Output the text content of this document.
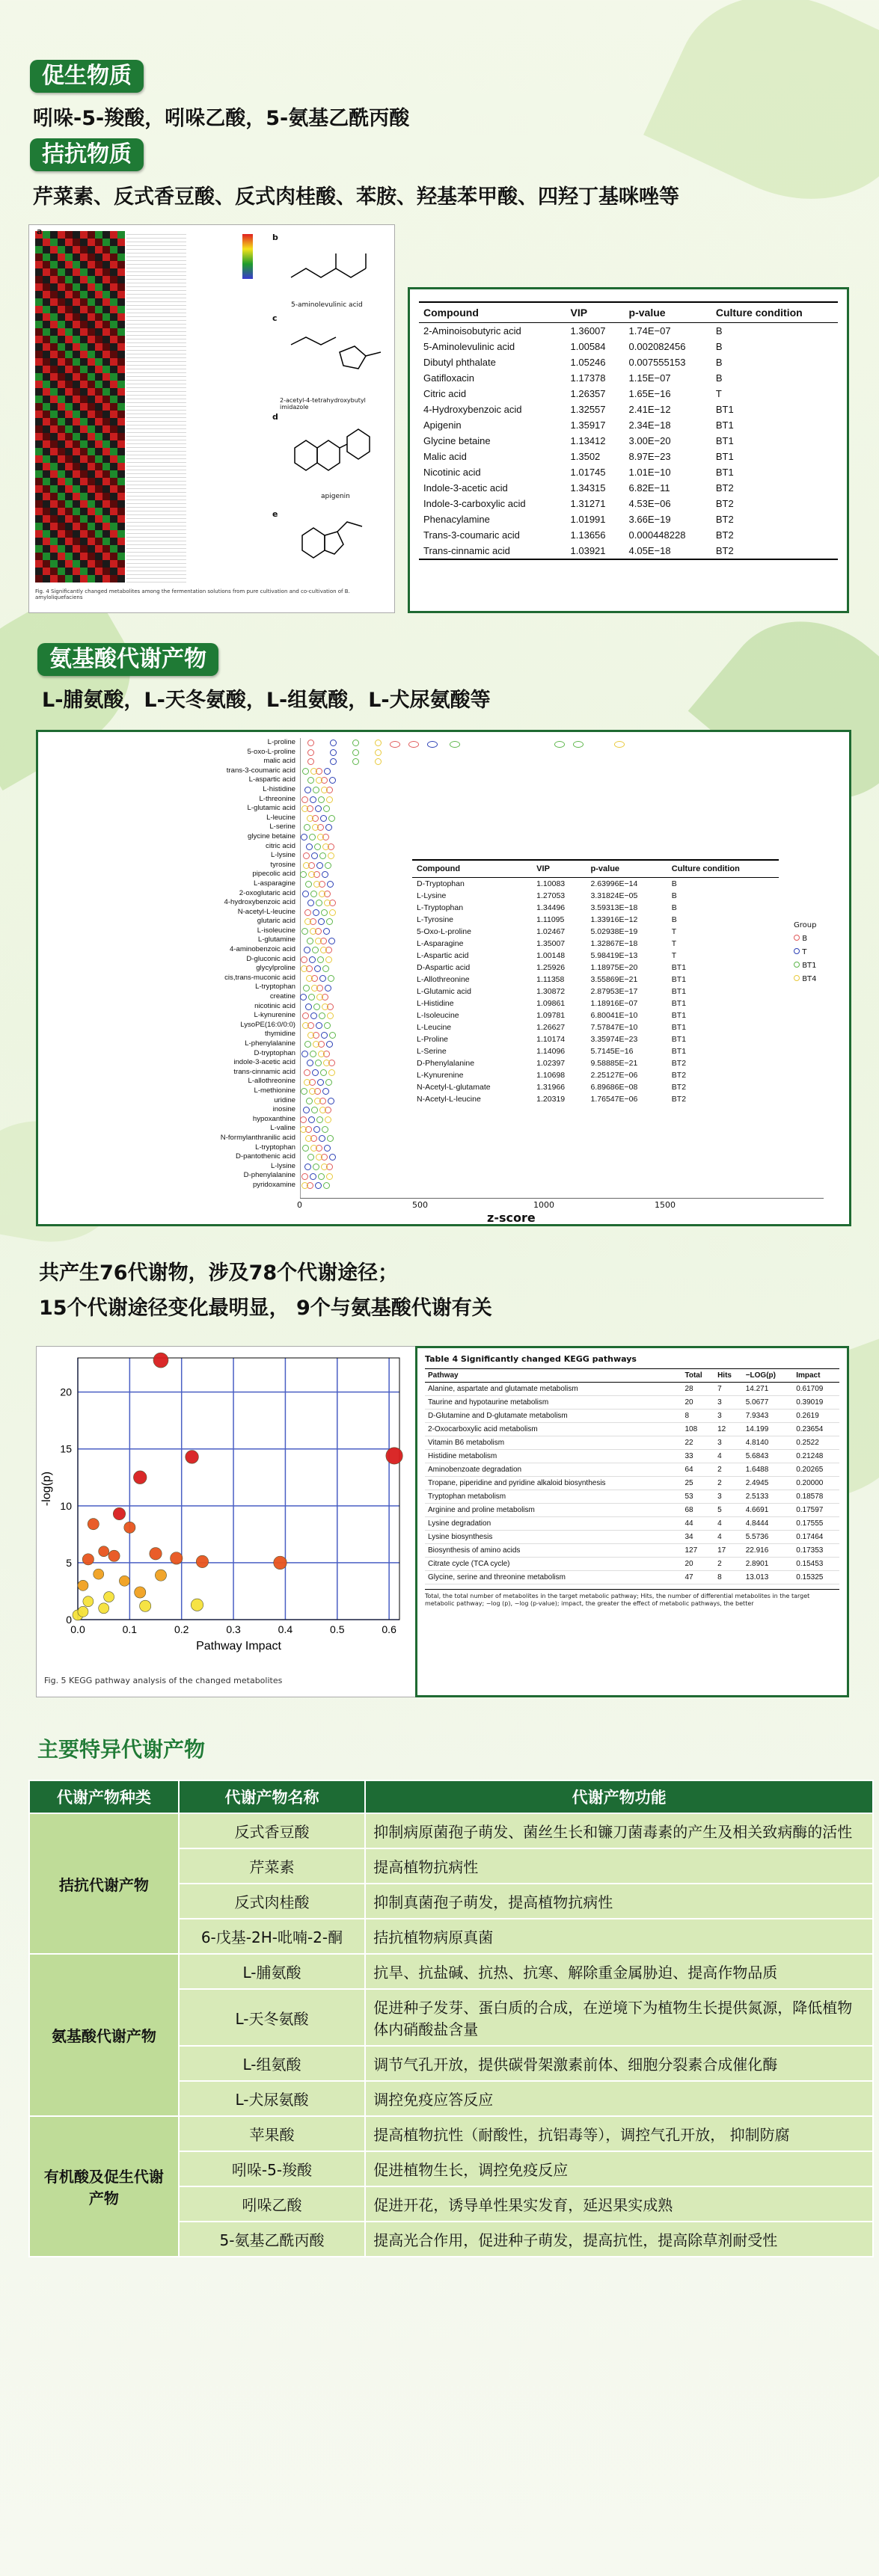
促生物质
吲哚-5-羧酸，吲哚乙酸，5-氨基乙酰丙酸
拮抗物质
芹菜素、反式香豆酸、反式肉桂酸、苯胺、羟基苯甲酸、四羟丁基咪唑等
a
b
c
d
e
5-aminolevulinic acid
2-acetyl-4-tetrahydroxybutyl imidazole
apigenin
Fig. 4 Significantly changed metabolites among the fermentation solutions from pure cultivation and co-cultivation of B. amyloliquefaciens
Compound	VIP	p-value	Culture condition
2-Aminoisobutyric acid	1.36007	1.74E−07	B
5-Aminolevulinic acid	1.00584	0.002082456	B
Dibutyl phthalate	1.05246	0.007555153	B
Gatifloxacin	1.17378	1.15E−07	B
Citric acid	1.26357	1.65E−16	T
4-Hydroxybenzoic acid	1.32557	2.41E−12	BT1
Apigenin	1.35917	2.34E−18	BT1
Glycine betaine	1.13412	3.00E−20	BT1
Malic acid	1.3502	8.97E−23	BT1
Nicotinic acid	1.01745	1.01E−10	BT1
Indole-3-acetic acid	1.34315	6.82E−11	BT2
Indole-3-carboxylic acid	1.31271	4.53E−06	BT2
Phenacylamine	1.01991	3.66E−19	BT2
Trans-3-coumaric acid	1.13656	0.000448228	BT2
Trans-cinnamic acid	1.03921	4.05E−18	BT2
氨基酸代谢产物
L-脯氨酸，L-天冬氨酸，L-组氨酸，L-犬尿氨酸等
L-proline
5-oxo-L-proline
malic acid
trans-3-coumaric acid
L-aspartic acid
L-histidine
L-threonine
L-glutamic acid
L-leucine
L-serine
glycine betaine
citric acid
L-lysine
tyrosine
pipecolic acid
L-asparagine
2-oxoglutaric acid
4-hydroxybenzoic acid
N-acetyl-L-leucine
glutaric acid
L-isoleucine
L-glutamine
4-aminobenzoic acid
D-gluconic acid
glycylproline
cis,trans-muconic acid
L-tryptophan
creatine
nicotinic acid
L-kynurenine
LysoPE(16:0/0:0)
thymidine
L-phenylalanine
D-tryptophan
indole-3-acetic acid
trans-cinnamic acid
L-allothreonine
L-methionine
uridine
inosine
hypoxanthine
L-valine
N-formylanthranilic acid
L-tryptophan
D-pantothenic acid
L-lysine
D-phenylalanine
pyridoxamine
0	500	1000	1500
z-score
Group
B
T
BT1
BT4
Compound	VIP	p-value	Culture condition
D-Tryptophan	1.10083	2.63996E−14	B
L-Lysine	1.27053	3.31824E−05	B
L-Tryptophan	1.34496	3.59313E−18	B
L-Tyrosine	1.11095	1.33916E−12	B
5-Oxo-L-proline	1.02467	5.02938E−19	T
L-Asparagine	1.35007	1.32867E−18	T
L-Aspartic acid	1.00148	5.98419E−13	T
D-Aspartic acid	1.25926	1.18975E−20	BT1
L-Allothreonine	1.11358	3.55869E−21	BT1
L-Glutamic acid	1.30872	2.87953E−17	BT1
L-Histidine	1.09861	1.18916E−07	BT1
L-Isoleucine	1.09781	6.80041E−10	BT1
L-Leucine	1.26627	7.57847E−10	BT1
L-Proline	1.10174	3.35974E−23	BT1
L-Serine	1.14096	5.7145E−16	BT1
D-Phenylalanine	1.02397	9.58885E−21	BT2
L-Kynurenine	1.10698	2.25127E−06	BT2
N-Acetyl-L-glutamate	1.31966	6.89686E−08	BT2
N-Acetyl-L-leucine	1.20319	1.76547E−06	BT2
共产生76代谢物，涉及78个代谢途径；
15个代谢途径变化最明显， 9个与氨基酸代谢有关
0.0	0.1	0.2	0.3	0.4	0.5	0.6
0
5
10
15
20
Pathway Impact
-log(p)
Fig. 5 KEGG pathway analysis of the changed metabolites
Table 4 Significantly changed KEGG pathways
Pathway	Total	Hits	−LOG(p)	Impact
Alanine, aspartate and glutamate metabolism	28	7	14.271	0.61709
Taurine and hypotaurine metabolism	20	3	5.0677	0.39019
D-Glutamine and D-glutamate metabolism	8	3	7.9343	0.2619
2-Oxocarboxylic acid metabolism	108	12	14.199	0.23654
Vitamin B6 metabolism	22	3	4.8140	0.2522
Histidine metabolism	33	4	5.6843	0.21248
Aminobenzoate degradation	64	2	1.6488	0.20265
Tropane, piperidine and pyridine alkaloid biosynthesis	25	2	2.4945	0.20000
Tryptophan metabolism	53	3	2.5133	0.18578
Arginine and proline metabolism	68	5	4.6691	0.17597
Lysine degradation	44	4	4.8444	0.17555
Lysine biosynthesis	34	4	5.5736	0.17464
Biosynthesis of amino acids	127	17	22.916	0.17353
Citrate cycle (TCA cycle)	20	2	2.8901	0.15453
Glycine, serine and threonine metabolism	47	8	13.013	0.15325
Total, the total number of metabolites in the target metabolic pathway; Hits, the number of differential metabolites in the target metabolic pathway; −log (p), −log (p-value); impact, the greater the effect of metabolic pathways, the better
主要特异代谢产物
代谢产物种类	代谢产物名称	代谢产物功能
拮抗代谢产物	反式香豆酸	抑制病原菌孢子萌发、菌丝生长和镰刀菌毒素的产生及相关致病酶的活性
	芹菜素	提高植物抗病性
	反式肉桂酸	抑制真菌孢子萌发，提高植物抗病性
	6-戊基-2H-吡喃-2-酮	拮抗植物病原真菌
氨基酸代谢产物	L-脯氨酸	抗旱、抗盐碱、抗热、抗寒、解除重金属胁迫、提高作物品质
	L-天冬氨酸	促进种子发芽、蛋白质的合成，在逆境下为植物生长提供氮源，降低植物体内硝酸盐含量
	L-组氨酸	调节气孔开放，提供碳骨架激素前体、细胞分裂素合成催化酶
	L-犬尿氨酸	调控免疫应答反应
有机酸及促生代谢产物	苹果酸	提高植物抗性（耐酸性，抗铝毒等），调控气孔开放， 抑制防腐
	吲哚-5-羧酸	促进植物生长，调控免疫反应
	吲哚乙酸	促进开花，诱导单性果实发育，延迟果实成熟
	5-氨基乙酰丙酸	提高光合作用，促进种子萌发，提高抗性，提高除草剂耐受性
